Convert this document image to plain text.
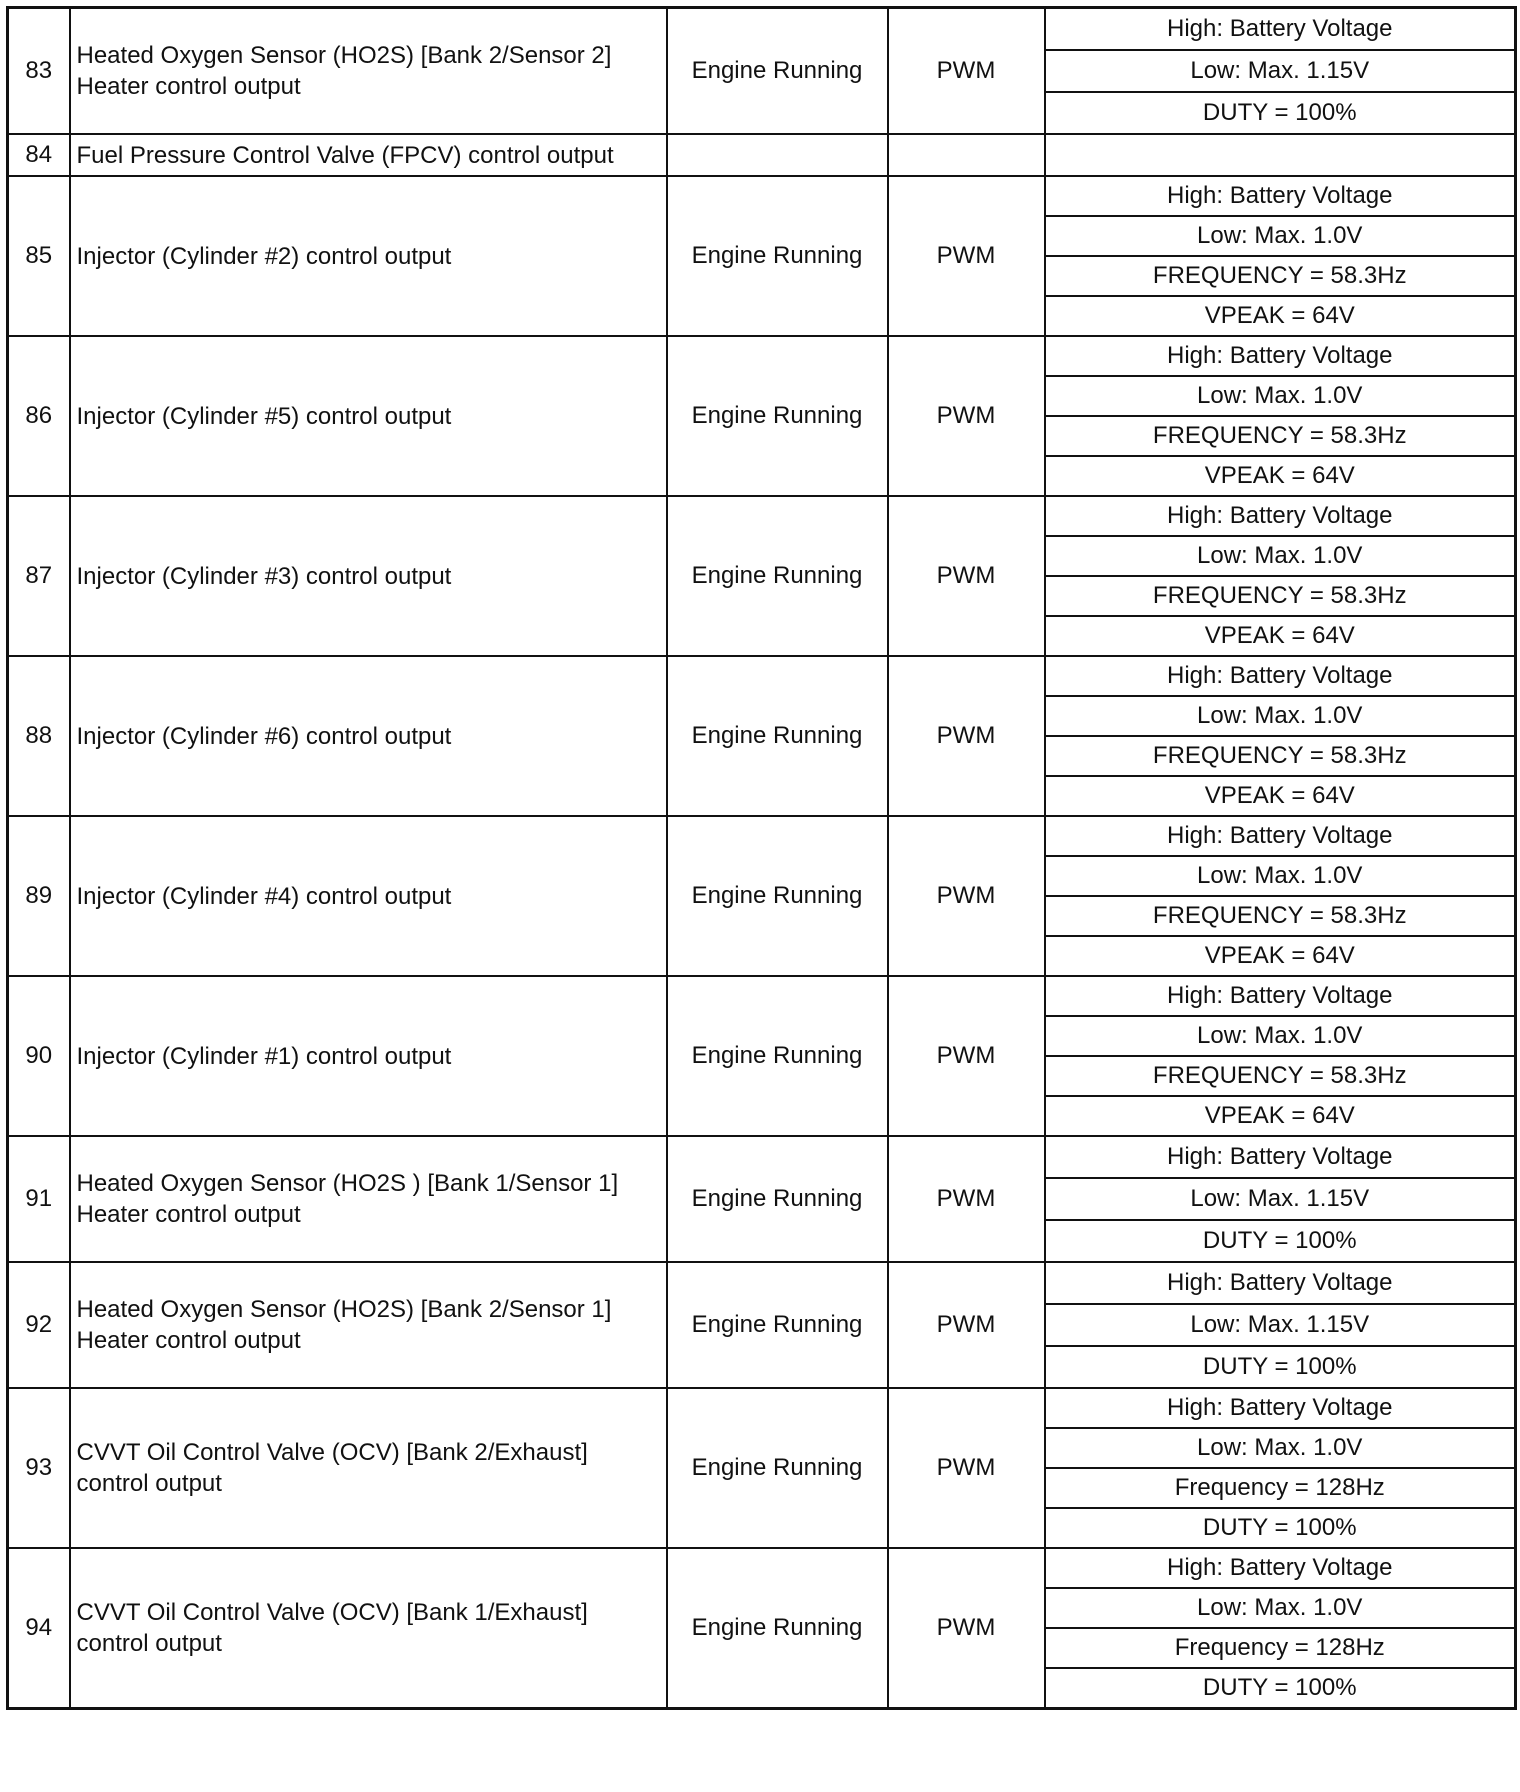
83	Heated Oxygen Sensor (HO2S) [Bank 2/Sensor 2]
Heater control output	Engine Running	PWM	High: Battery Voltage
				Low: Max. 1.15V
				DUTY = 100%
84	Fuel Pressure Control Valve (FPCV) control output			

85	Injector (Cylinder #2) control output	Engine Running	PWM	High: Battery Voltage
				Low: Max. 1.0V
				FREQUENCY = 58.3Hz
				VPEAK = 64V
86	Injector (Cylinder #5) control output	Engine Running	PWM	High: Battery Voltage
				Low: Max. 1.0V
				FREQUENCY = 58.3Hz
				VPEAK = 64V
87	Injector (Cylinder #3) control output	Engine Running	PWM	High: Battery Voltage
				Low: Max. 1.0V
				FREQUENCY = 58.3Hz
				VPEAK = 64V
88	Injector (Cylinder #6) control output	Engine Running	PWM	High: Battery Voltage
				Low: Max. 1.0V
				FREQUENCY = 58.3Hz
				VPEAK = 64V
89	Injector (Cylinder #4) control output	Engine Running	PWM	High: Battery Voltage
				Low: Max. 1.0V
				FREQUENCY = 58.3Hz
				VPEAK = 64V
90	Injector (Cylinder #1) control output	Engine Running	PWM	High: Battery Voltage
				Low: Max. 1.0V
				FREQUENCY = 58.3Hz
				VPEAK = 64V
91	Heated Oxygen Sensor (HO2S ) [Bank 1/Sensor 1]
Heater control output	Engine Running	PWM	High: Battery Voltage
				Low: Max. 1.15V
				DUTY = 100%
92	Heated Oxygen Sensor (HO2S) [Bank 2/Sensor 1]
Heater control output	Engine Running	PWM	High: Battery Voltage
				Low: Max. 1.15V
				DUTY = 100%
93	CVVT Oil Control Valve (OCV) [Bank 2/Exhaust]
control output	Engine Running	PWM	High: Battery Voltage
				Low: Max. 1.0V
				Frequency = 128Hz
				DUTY = 100%
94	CVVT Oil Control Valve (OCV) [Bank 1/Exhaust]
control output	Engine Running	PWM	High: Battery Voltage
				Low: Max. 1.0V
				Frequency = 128Hz
				DUTY = 100%
